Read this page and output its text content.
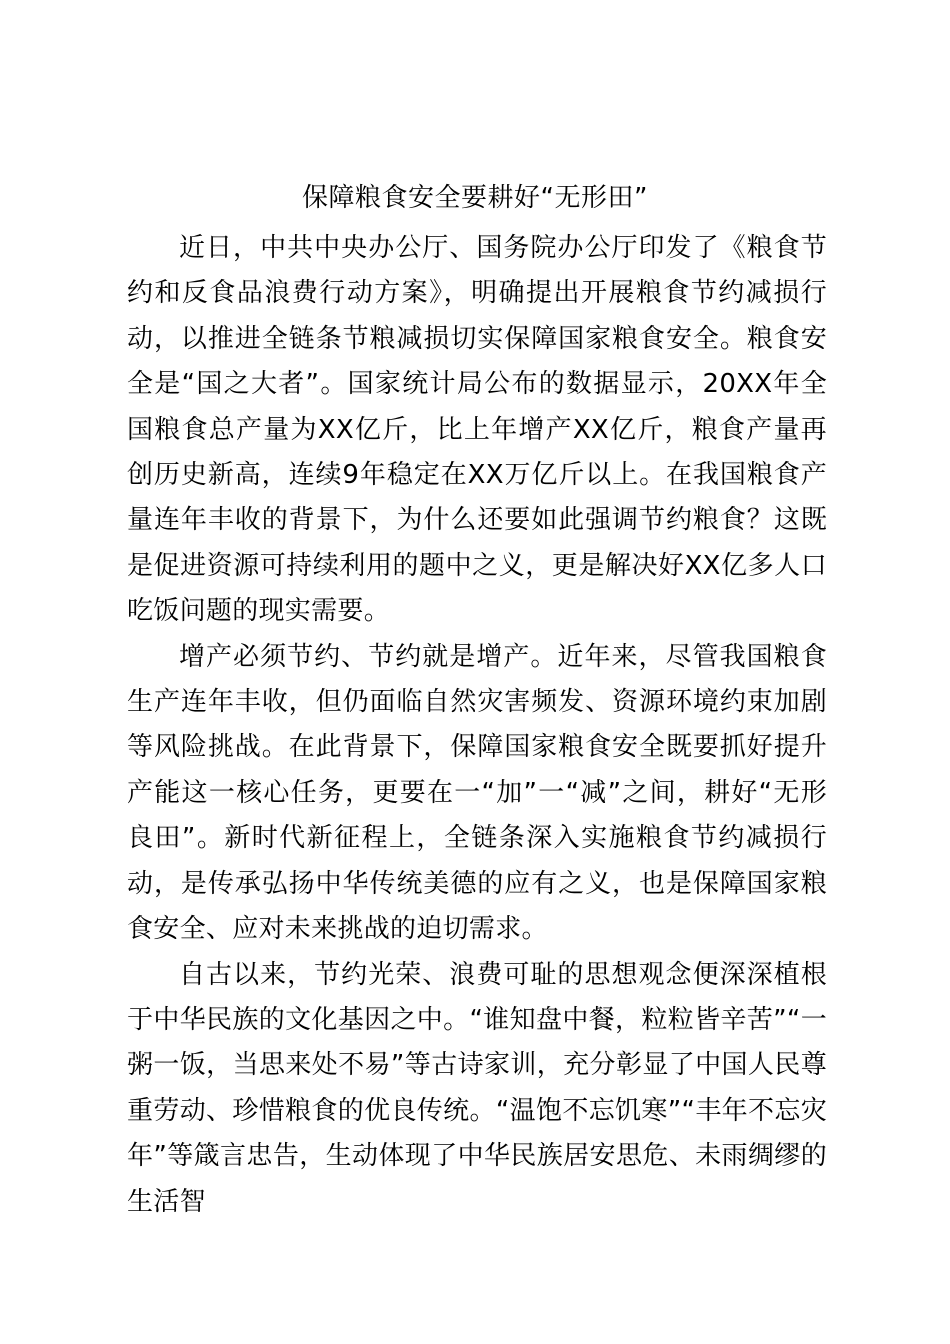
保障粮食安全要耕好“无形田”

近日，中共中央办公厅、国务院办公厅印发了《粮食节约和反食品浪费行动方案》，明确提出开展粮食节约减损行动，以推进全链条节粮减损切实保障国家粮食安全。粮食安全是“国之大者”。国家统计局公布的数据显示，20XX年全国粮食总产量为XX亿斤，比上年增产XX亿斤，粮食产量再创历史新高，连续9年稳定在XX万亿斤以上。在我国粮食产量连年丰收的背景下，为什么还要如此强调节约粮食？这既是促进资源可持续利用的题中之义，更是解决好XX亿多人口吃饭问题的现实需要。

增产必须节约、节约就是增产。近年来，尽管我国粮食生产连年丰收，但仍面临自然灾害频发、资源环境约束加剧等风险挑战。在此背景下，保障国家粮食安全既要抓好提升产能这一核心任务，更要在一“加”一“减”之间，耕好“无形良田”。新时代新征程上，全链条深入实施粮食节约减损行动，是传承弘扬中华传统美德的应有之义，也是保障国家粮食安全、应对未来挑战的迫切需求。

自古以来，节约光荣、浪费可耻的思想观念便深深植根于中华民族的文化基因之中。“谁知盘中餐，粒粒皆辛苦”“一粥一饭，当思来处不易”等古诗家训，充分彰显了中国人民尊重劳动、珍惜粮食的优良传统。“温饱不忘饥寒”“丰年不忘灾年”等箴言忠告，生动体现了中华民族居安思危、未雨绸缪的生活智
